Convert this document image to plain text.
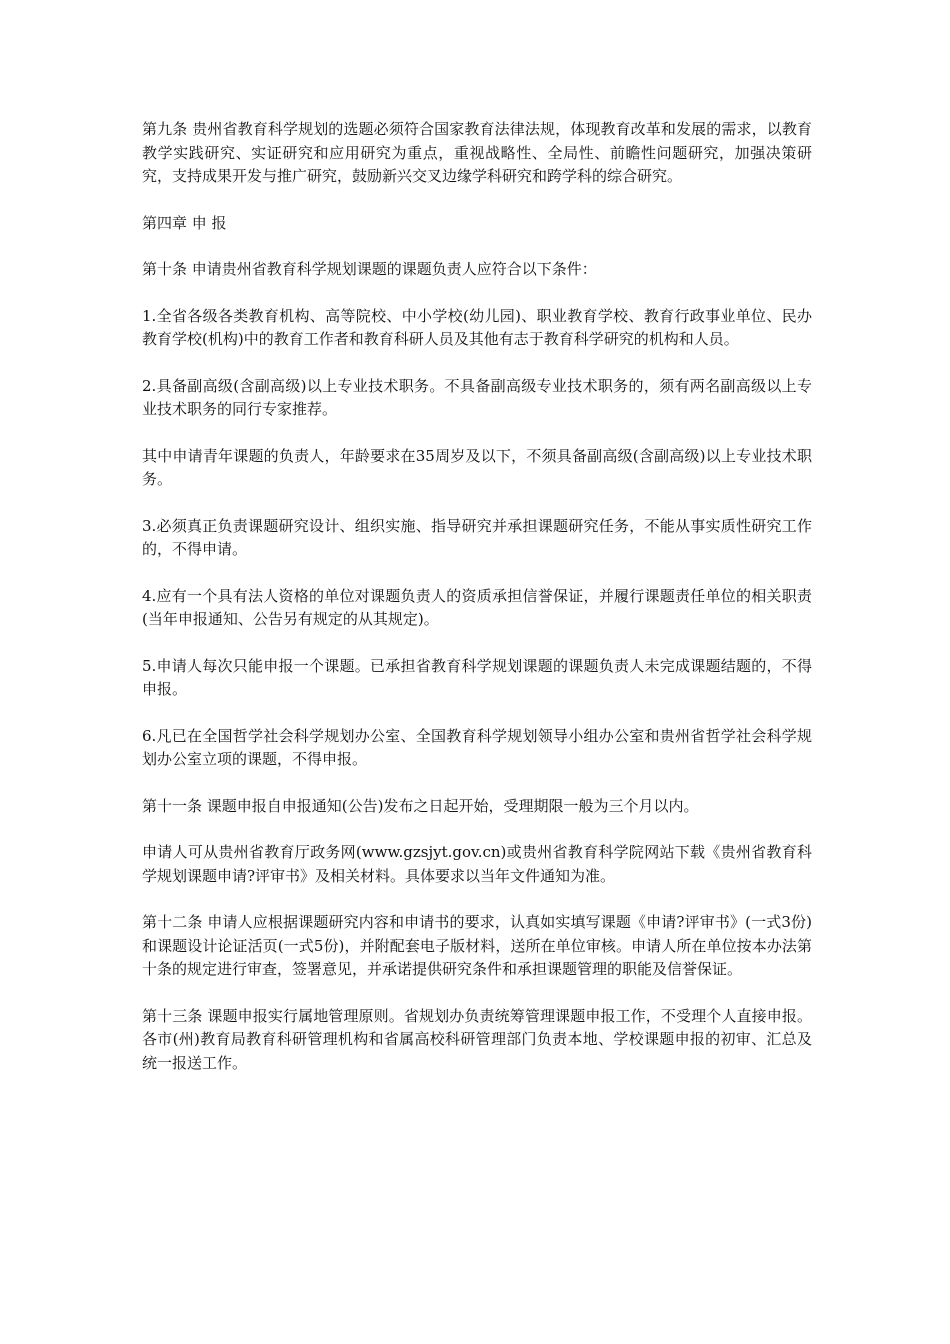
第九条 贵州省教育科学规划的选题必须符合国家教育法律法规，体现教育改革和发展的需求，以教育教学实践研究、实证研究和应用研究为重点，重视战略性、全局性、前瞻性问题研究，加强决策研究，支持成果开发与推广研究，鼓励新兴交叉边缘学科研究和跨学科的综合研究。

第四章 申 报

第十条 申请贵州省教育科学规划课题的课题负责人应符合以下条件：

1.全省各级各类教育机构、高等院校、中小学校(幼儿园)、职业教育学校、教育行政事业单位、民办教育学校(机构)中的教育工作者和教育科研人员及其他有志于教育科学研究的机构和人员。

2.具备副高级(含副高级)以上专业技术职务。不具备副高级专业技术职务的，须有两名副高级以上专业技术职务的同行专家推荐。

其中申请青年课题的负责人，年龄要求在35周岁及以下，不须具备副高级(含副高级)以上专业技术职务。

3.必须真正负责课题研究设计、组织实施、指导研究并承担课题研究任务，不能从事实质性研究工作的，不得申请。

4.应有一个具有法人资格的单位对课题负责人的资质承担信誉保证，并履行课题责任单位的相关职责(当年申报通知、公告另有规定的从其规定)。

5.申请人每次只能申报一个课题。已承担省教育科学规划课题的课题负责人未完成课题结题的，不得申报。

6.凡已在全国哲学社会科学规划办公室、全国教育科学规划领导小组办公室和贵州省哲学社会科学规划办公室立项的课题，不得申报。

第十一条 课题申报自申报通知(公告)发布之日起开始，受理期限一般为三个月以内。

申请人可从贵州省教育厅政务网(www.gzsjyt.gov.cn)或贵州省教育科学院网站下载《贵州省教育科学规划课题申请?评审书》及相关材料。具体要求以当年文件通知为准。

第十二条 申请人应根据课题研究内容和申请书的要求，认真如实填写课题《申请?评审书》(一式3份)和课题设计论证活页(一式5份)，并附配套电子版材料，送所在单位审核。申请人所在单位按本办法第十条的规定进行审查，签署意见，并承诺提供研究条件和承担课题管理的职能及信誉保证。

第十三条 课题申报实行属地管理原则。省规划办负责统筹管理课题申报工作，不受理个人直接申报。各市(州)教育局教育科研管理机构和省属高校科研管理部门负责本地、学校课题申报的初审、汇总及统一报送工作。
